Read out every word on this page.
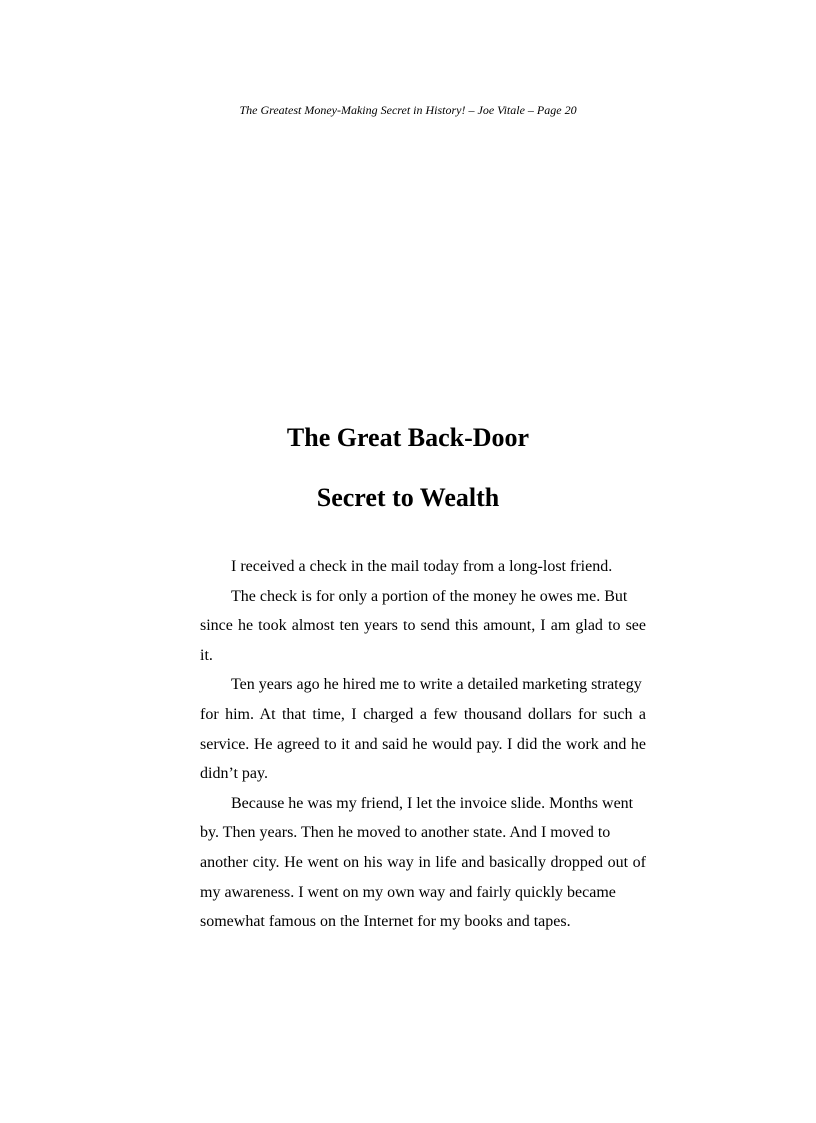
The Greatest Money-Making Secret in History! – Joe Vitale – Page 20
The Great Back-Door
Secret to Wealth
I received a check in the mail today from a long-lost friend.
The check is for only a portion of the money he owes me. But
since he took almost ten years to send this amount, I am glad to see
it.
Ten years ago he hired me to write a detailed marketing strategy
for him. At that time, I charged a few thousand dollars for such a
service. He agreed to it and said he would pay. I did the work and he
didn’t pay.
Because he was my friend, I let the invoice slide. Months went
by. Then years. Then he moved to another state. And I moved to
another city. He went on his way in life and basically dropped out of
my awareness. I went on my own way and fairly quickly became
somewhat famous on the Internet for my books and tapes.
